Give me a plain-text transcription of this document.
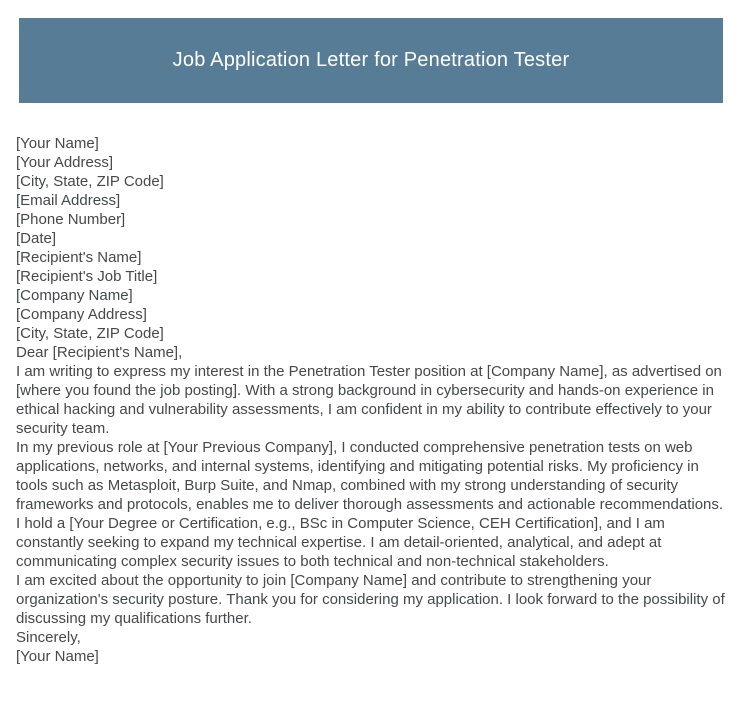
Job Application Letter for Penetration Tester

[Your Name]

[Your Address]

[City, State, ZIP Code]

[Email Address]

[Phone Number]

[Date]

[Recipient's Name]

[Recipient's Job Title]

[Company Name]

[Company Address]

[City, State, ZIP Code]

Dear [Recipient's Name],

I am writing to express my interest in the Penetration Tester position at [Company Name], as advertised on [where you found the job posting]. With a strong background in cybersecurity and hands-on experience in ethical hacking and vulnerability assessments, I am confident in my ability to contribute effectively to your security team.

In my previous role at [Your Previous Company], I conducted comprehensive penetration tests on web applications, networks, and internal systems, identifying and mitigating potential risks. My proficiency in tools such as Metasploit, Burp Suite, and Nmap, combined with my strong understanding of security frameworks and protocols, enables me to deliver thorough assessments and actionable recommendations.

I hold a [Your Degree or Certification, e.g., BSc in Computer Science, CEH Certification], and I am constantly seeking to expand my technical expertise. I am detail-oriented, analytical, and adept at communicating complex security issues to both technical and non-technical stakeholders.

I am excited about the opportunity to join [Company Name] and contribute to strengthening your organization's security posture. Thank you for considering my application. I look forward to the possibility of discussing my qualifications further.

Sincerely,

[Your Name]
